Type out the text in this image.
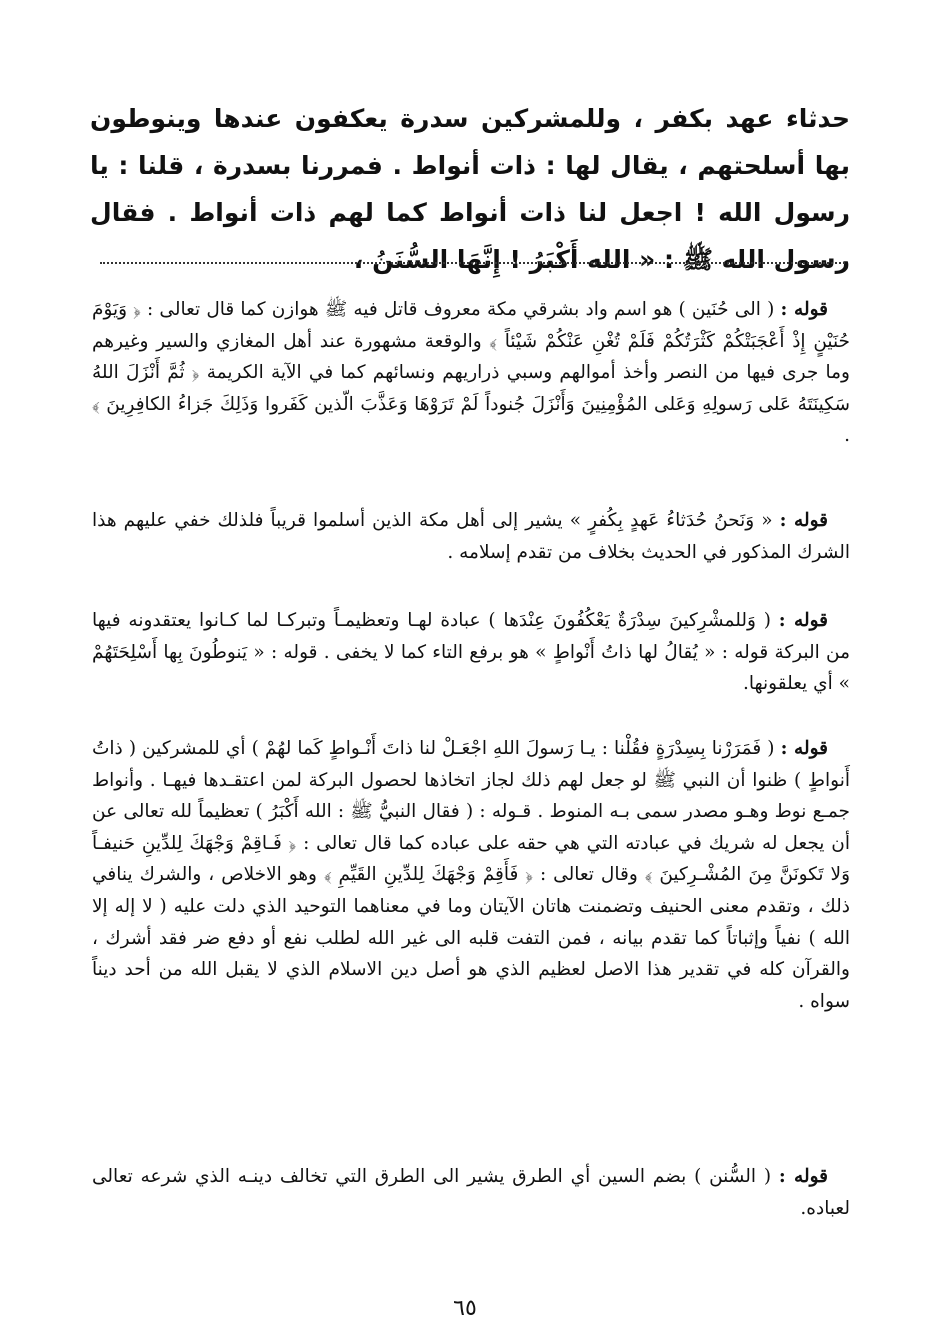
حدثاء عهد بكفر ، وللمشركين سدرة يعكفون عندها وينوطون بها أسلحتهم ، يقال لها : ذات أنواط . فمررنا بسدرة ، قلنا : يا رسول الله ! اجعل لنا ذات أنواط كما لهم ذات أنواط . فقال رسول الله ﷺ : « الله أَكْبَرُ ! إِنَّهَا السُّنَنُ ،

قوله : ( الى حُنَين ) هو اسم واد بشرقي مكة معروف قاتل فيه ﷺ هوازن كما قال تعالى : ﴿ وَيَوْمَ حُنَيْنٍ إِذْ أَعْجَبَتْكُمْ كَثْرَتُكُمْ فَلَمْ تُغْنِ عَنْكُمْ شَيْئاً ﴾ والوقعة مشهورة عند أهل المغازي والسير وغيرهم وما جرى فيها من النصر وأخذ أموالهم وسبي ذراريهم ونسائهم كما في الآية الكريمة ﴿ ثُمَّ أَنْزَلَ اللهُ سَكِينَتَهُ عَلى رَسولِهِ وَعَلى المُؤْمِنِينَ وَأَنْزَلَ جُنوداً لَمْ تَرَوْهَا وَعَذَّبَ الّذين كَفَروا وَذَلِكَ جَزاءُ الكافِرِينَ ﴾ .

قوله : « وَنَحنُ حُدَثاءُ عَهدٍ بِكُفرٍ » يشير إلى أهل مكة الذين أسلموا قريباً فلذلك خفي عليهم هذا الشرك المذكور في الحديث بخلاف من تقدم إسلامه .

قوله : ( وَللمشْرِكينَ سِدْرَةٌ يَعْكُفُونَ عِنْدَها ) عبادة لهـا وتعظيمـاً وتبركـا لما كـانوا يعتقدونه فيها من البركة قوله : « يُقالُ لها ذاتُ أَنْواطٍ » هو برفع التاء كما لا يخفى . قوله : « يَنوطُونَ بِها أَسْلِحَتَهُمْ » أي يعلقونها.

قوله : ( فَمَرَرْنا بِسِدْرَةٍ فقُلْنا : يـا رَسولَ اللهِ اجْعَـلْ لنا ذاتَ أَنْـواطٍ كَما لهُمْ ) أي للمشركين ( ذاتُ أَنواطٍ ) ظنوا أن النبي ﷺ لو جعل لهم ذلك لجاز اتخاذها لحصول البركة لمن اعتقـدها فيهـا . وأنواط جمـع نوط وهـو مصدر سمى بـه المنوط . قـوله : ( فقال النبيُّ ﷺ : الله أَكْبَرُ ) تعظيماً لله تعالى عن أن يجعل له شريك في عبادته التي هي حقه على عباده كما قال تعالى : ﴿ فَـاقِمْ وَجْهَكَ لِلدِّينِ حَنيفـاً وَلا تَكونَنَّ مِنَ المُشْـرِكينَ ﴾ وقال تعالى : ﴿ فَأَقِمْ وَجْهَكَ لِلدِّينِ القَيِّمِ ﴾ وهو الاخلاص ، والشرك ينافي ذلك ، وتقدم معنى الحنيف وتضمنت هاتان الآيتان وما في معناهما التوحيد الذي دلت عليه ( لا إله إلا الله ) نفياً وإثباتاً كما تقدم بيانه ، فمن التفت قلبه الى غير الله لطلب نفع أو دفع ضر فقد أشرك ، والقرآن كله في تقدير هذا الاصل لعظيم الذي هو أصل دين الاسلام الذي لا يقبل الله من أحد ديناً سواه .

قوله : ( السُّنن ) بضم السين أي الطرق يشير الى الطرق التي تخالف دينـه الذي شرعه تعالى لعباده.

٦٥
